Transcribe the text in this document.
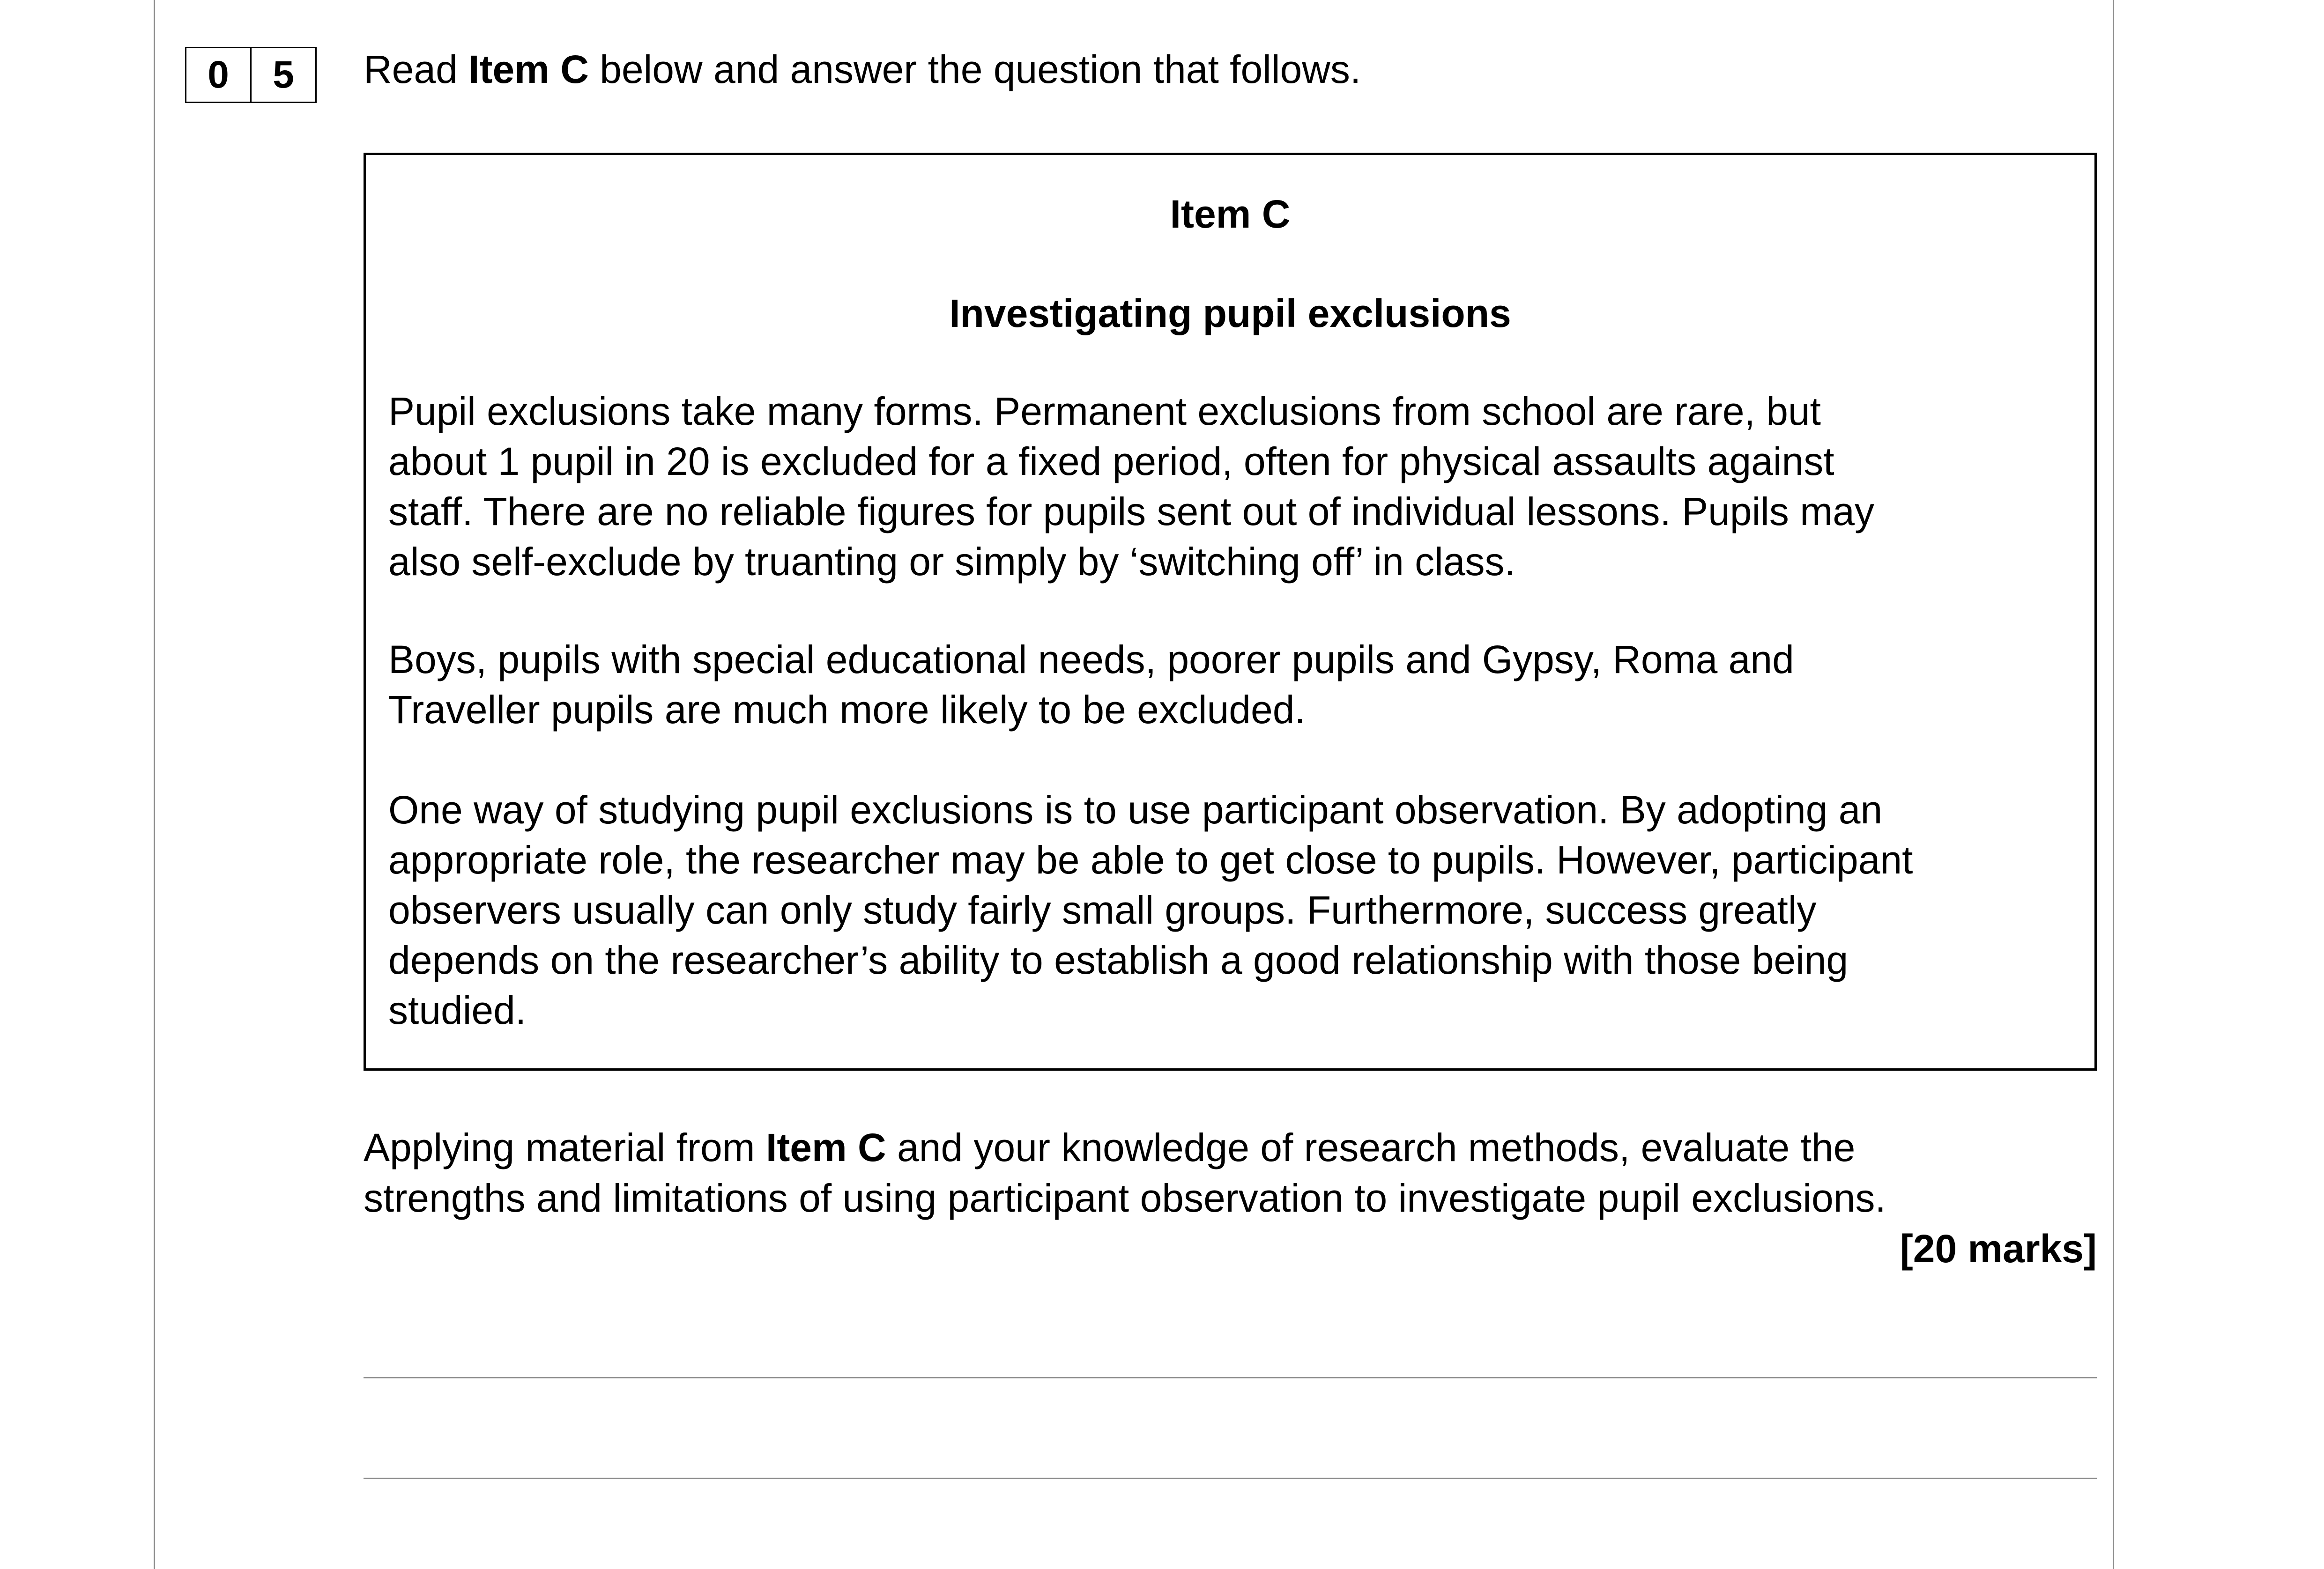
0	5	Read Item C below and answer the question that follows.
Item C
Investigating pupil exclusions

Pupil exclusions take many forms. Permanent exclusions from school are rare, but
about 1 pupil in 20 is excluded for a fixed period, often for physical assaults against
staff. There are no reliable figures for pupils sent out of individual lessons. Pupils may
also self-exclude by truanting or simply by ‘switching off’ in class.

Boys, pupils with special educational needs, poorer pupils and Gypsy, Roma and
Traveller pupils are much more likely to be excluded.

One way of studying pupil exclusions is to use participant observation. By adopting an
appropriate role, the researcher may be able to get close to pupils. However, participant
observers usually can only study fairly small groups. Furthermore, success greatly
depends on the researcher’s ability to establish a good relationship with those being
studied.

Applying material from Item C and your knowledge of research methods, evaluate the
strengths and limitations of using participant observation to investigate pupil exclusions.
[20 marks]
